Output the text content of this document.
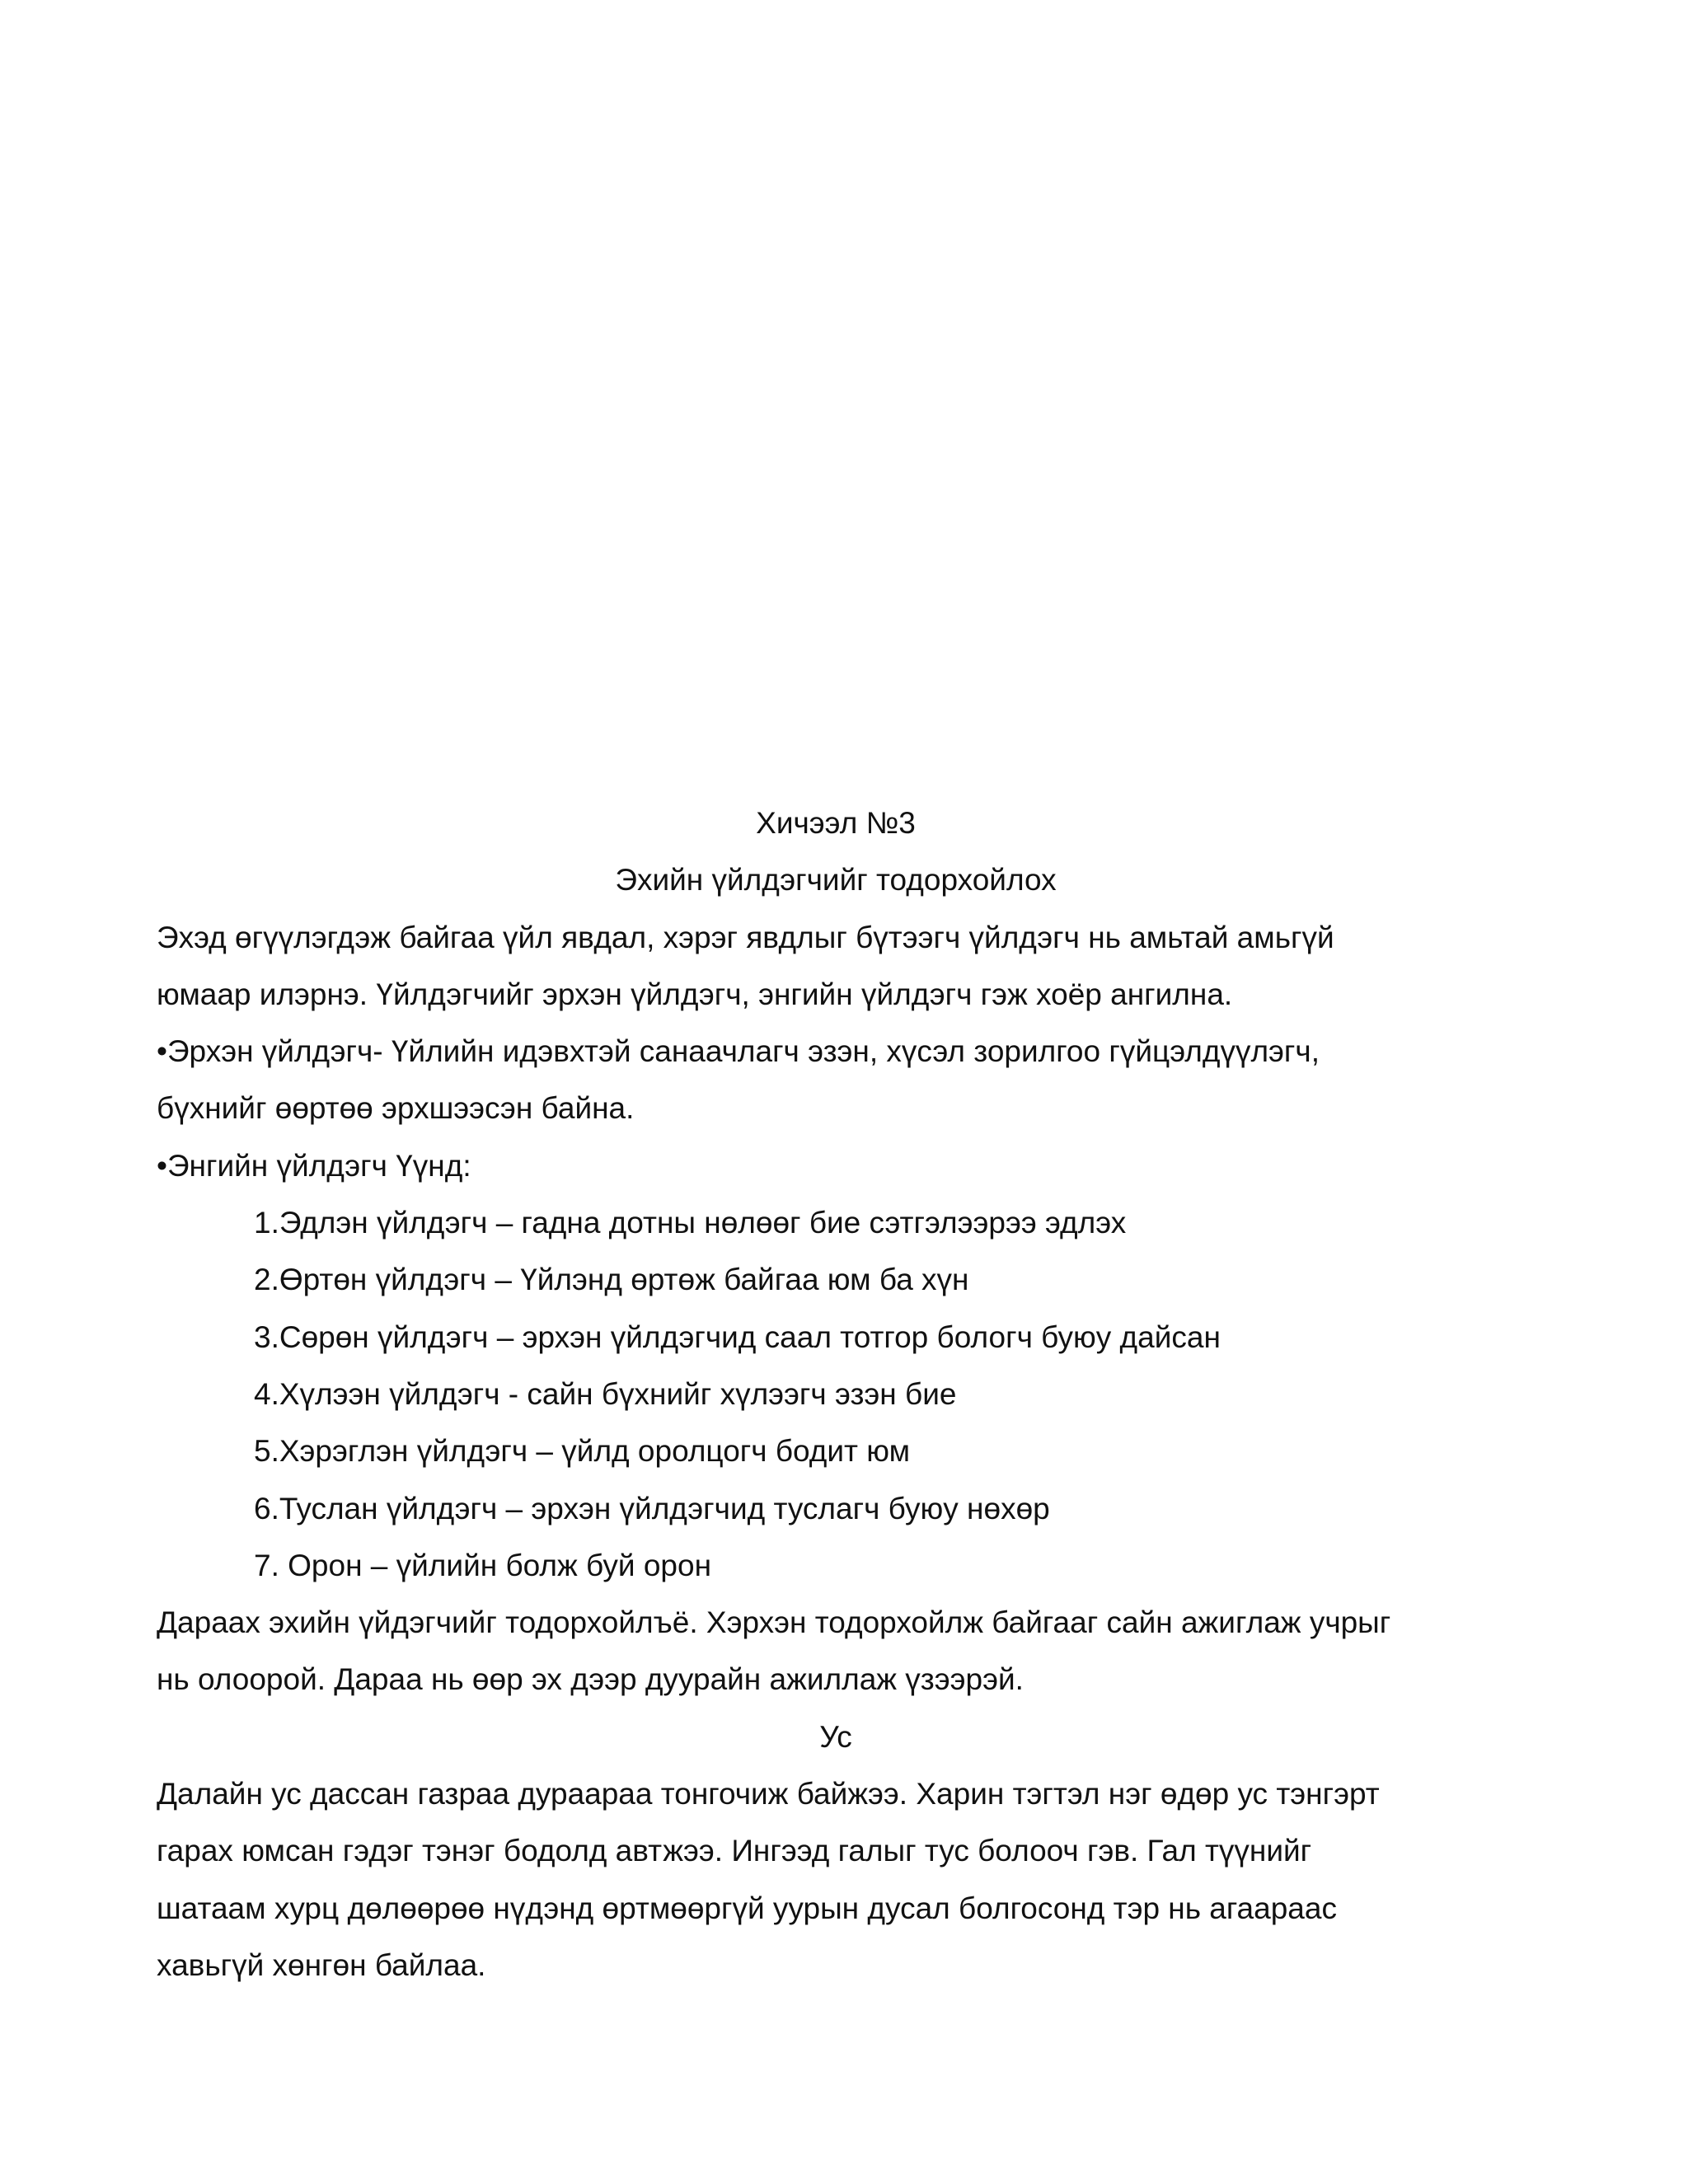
Хичээл №3
Эхийн үйлдэгчийг тодорхойлох
Эхэд өгүүлэгдэж байгаа үйл явдал, хэрэг явдлыг бүтээгч үйлдэгч нь амьтай амьгүй
юмаар илэрнэ. Үйлдэгчийг эрхэн үйлдэгч, энгийн үйлдэгч гэж хоёр ангилна.
•Эрхэн үйлдэгч- Үйлийн идэвхтэй санаачлагч эзэн, хүсэл зорилгоо гүйцэлдүүлэгч,
бүхнийг өөртөө эрхшээсэн байна.
•Энгийн үйлдэгч Үүнд:
1.Эдлэн үйлдэгч – гадна дотны нөлөөг бие сэтгэлээрээ эдлэх
2.Өртөн үйлдэгч – Үйлэнд өртөж байгаа юм ба хүн
3.Сөрөн үйлдэгч – эрхэн үйлдэгчид саал тотгор бологч буюу дайсан
4.Хүлээн үйлдэгч - сайн бүхнийг хүлээгч эзэн бие
5.Хэрэглэн үйлдэгч – үйлд оролцогч бодит юм
6.Туслан үйлдэгч – эрхэн үйлдэгчид туслагч буюу нөхөр
7. Орон – үйлийн болж буй орон
Дараах эхийн үйдэгчийг тодорхойлъё. Хэрхэн тодорхойлж байгааг сайн ажиглаж учрыг
нь олоорой. Дараа нь өөр эх дээр дуурайн ажиллаж үзээрэй.
Ус
Далайн ус дассан газраа дураараа тонгочиж байжээ. Харин тэгтэл нэг өдөр ус тэнгэрт
гарах юмсан гэдэг тэнэг бодолд автжээ. Ингээд галыг тус болооч гэв. Гал түүнийг
шатаам хурц дөлөөрөө нүдэнд өртмөөргүй уурын дусал болгосонд тэр нь агаараас
хавьгүй хөнгөн байлаа.
